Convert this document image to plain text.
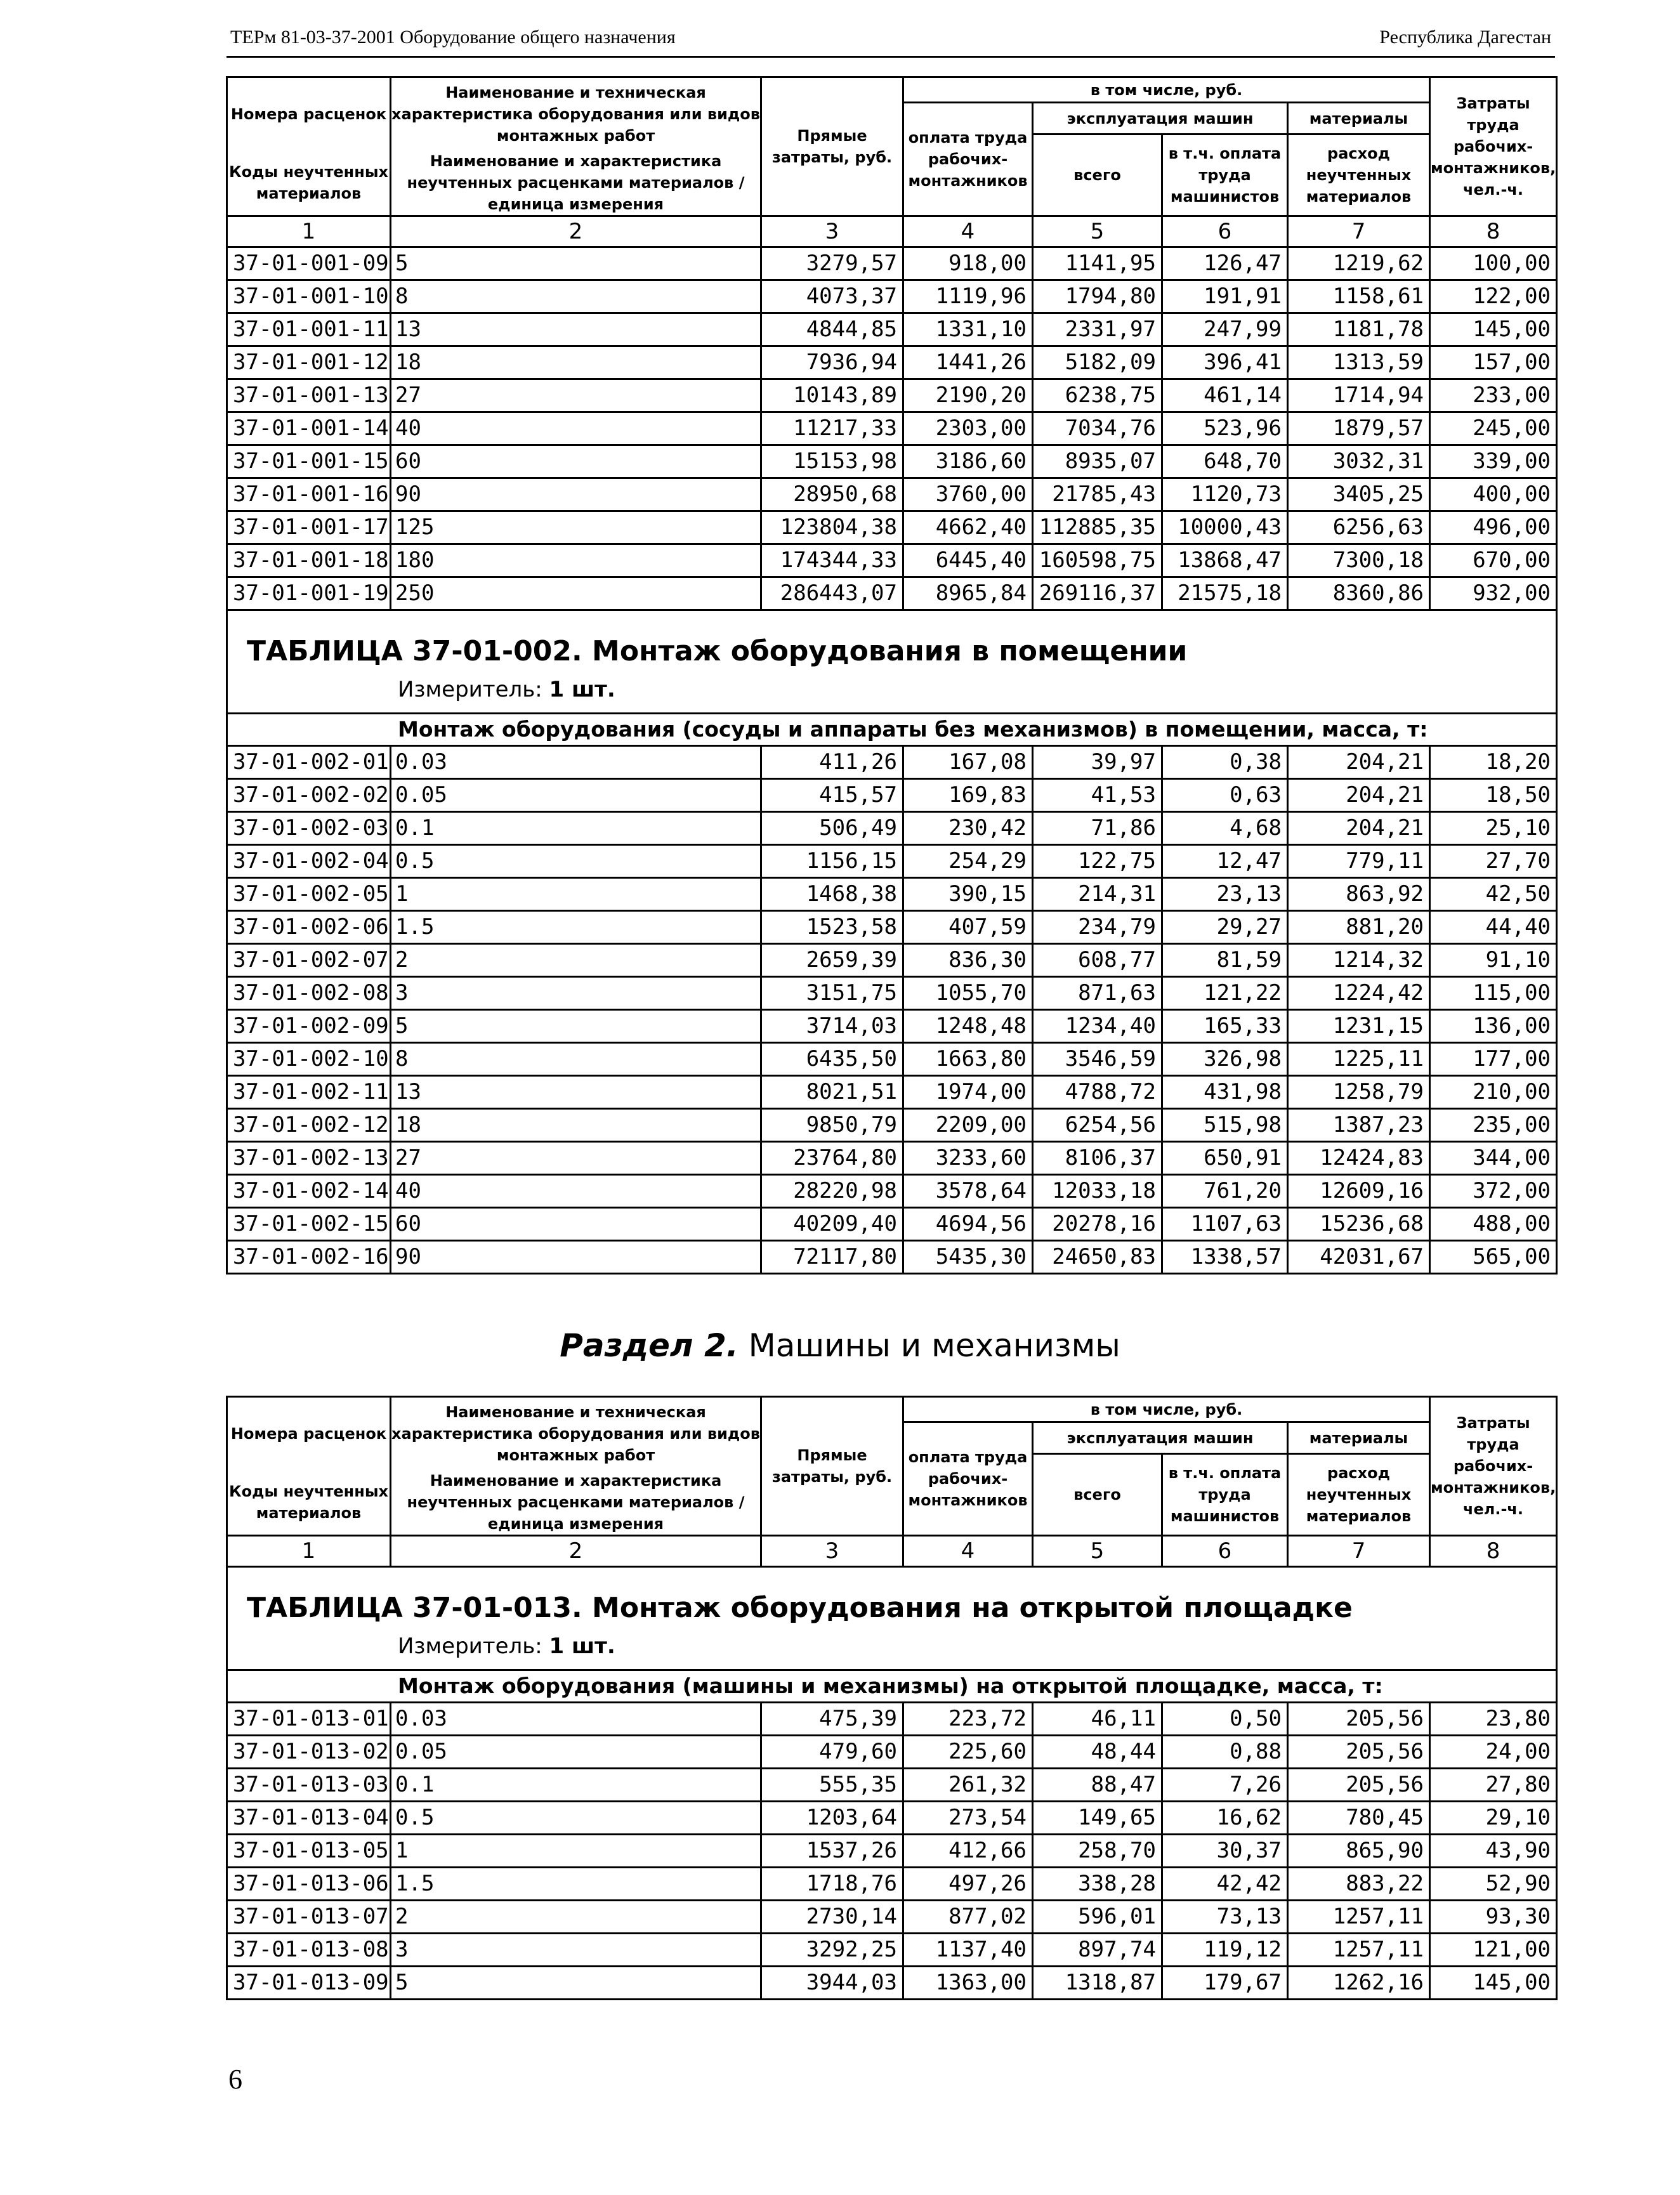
ТЕРм 81-03-37-2001 Оборудование общего назначения	Республика Дагестан
Номера расценок	Наименование и техническая характеристика оборудования или видов монтажных работ	Прямые затраты, руб.	в том числе, руб.				Затраты труда рабочих-монтажников, чел.-ч.
			оплата труда рабочих-монтажников	эксплуатация машин		материалы	
				всего	в т.ч. оплата труда машинистов	расход неучтенных материалов	
Коды неучтенных материалов	Наименование и характеристика неучтенных расценками материалов / единица измерения						

1	2	3	4	5	6	7	8
37-01-001-09	5	3279,57	918,00	1141,95	126,47	1219,62	100,00
37-01-001-10	8	4073,37	1119,96	1794,80	191,91	1158,61	122,00
37-01-001-11	13	4844,85	1331,10	2331,97	247,99	1181,78	145,00
37-01-001-12	18	7936,94	1441,26	5182,09	396,41	1313,59	157,00
37-01-001-13	27	10143,89	2190,20	6238,75	461,14	1714,94	233,00
37-01-001-14	40	11217,33	2303,00	7034,76	523,96	1879,57	245,00
37-01-001-15	60	15153,98	3186,60	8935,07	648,70	3032,31	339,00
37-01-001-16	90	28950,68	3760,00	21785,43	1120,73	3405,25	400,00
37-01-001-17	125	123804,38	4662,40	112885,35	10000,43	6256,63	496,00
37-01-001-18	180	174344,33	6445,40	160598,75	13868,47	7300,18	670,00
37-01-001-19	250	286443,07	8965,84	269116,37	21575,18	8360,86	932,00

ТАБЛИЦА 37-01-002. Монтаж оборудования в помещении
Измеритель: 1 шт.							

Монтаж оборудования (сосуды и аппараты без механизмов) в помещении, масса, т:							
37-01-002-01	0.03	411,26	167,08	39,97	0,38	204,21	18,20
37-01-002-02	0.05	415,57	169,83	41,53	0,63	204,21	18,50
37-01-002-03	0.1	506,49	230,42	71,86	4,68	204,21	25,10
37-01-002-04	0.5	1156,15	254,29	122,75	12,47	779,11	27,70
37-01-002-05	1	1468,38	390,15	214,31	23,13	863,92	42,50
37-01-002-06	1.5	1523,58	407,59	234,79	29,27	881,20	44,40
37-01-002-07	2	2659,39	836,30	608,77	81,59	1214,32	91,10
37-01-002-08	3	3151,75	1055,70	871,63	121,22	1224,42	115,00
37-01-002-09	5	3714,03	1248,48	1234,40	165,33	1231,15	136,00
37-01-002-10	8	6435,50	1663,80	3546,59	326,98	1225,11	177,00
37-01-002-11	13	8021,51	1974,00	4788,72	431,98	1258,79	210,00
37-01-002-12	18	9850,79	2209,00	6254,56	515,98	1387,23	235,00
37-01-002-13	27	23764,80	3233,60	8106,37	650,91	12424,83	344,00
37-01-002-14	40	28220,98	3578,64	12033,18	761,20	12609,16	372,00
37-01-002-15	60	40209,40	4694,56	20278,16	1107,63	15236,68	488,00
37-01-002-16	90	72117,80	5435,30	24650,83	1338,57	42031,67	565,00
Раздел 2. Машины и механизмы
Номера расценок	Наименование и техническая характеристика оборудования или видов монтажных работ	Прямые затраты, руб.	в том числе, руб.				Затраты труда рабочих-монтажников, чел.-ч.
			оплата труда рабочих-монтажников	эксплуатация машин		материалы	
				всего	в т.ч. оплата труда машинистов	расход неучтенных материалов	
Коды неучтенных материалов	Наименование и характеристика неучтенных расценками материалов / единица измерения						

1	2	3	4	5	6	7	8

ТАБЛИЦА 37-01-013. Монтаж оборудования на открытой площадке
Измеритель: 1 шт.							

Монтаж оборудования (машины и механизмы) на открытой площадке, масса, т:							
37-01-013-01	0.03	475,39	223,72	46,11	0,50	205,56	23,80
37-01-013-02	0.05	479,60	225,60	48,44	0,88	205,56	24,00
37-01-013-03	0.1	555,35	261,32	88,47	7,26	205,56	27,80
37-01-013-04	0.5	1203,64	273,54	149,65	16,62	780,45	29,10
37-01-013-05	1	1537,26	412,66	258,70	30,37	865,90	43,90
37-01-013-06	1.5	1718,76	497,26	338,28	42,42	883,22	52,90
37-01-013-07	2	2730,14	877,02	596,01	73,13	1257,11	93,30
37-01-013-08	3	3292,25	1137,40	897,74	119,12	1257,11	121,00
37-01-013-09	5	3944,03	1363,00	1318,87	179,67	1262,16	145,00
6
